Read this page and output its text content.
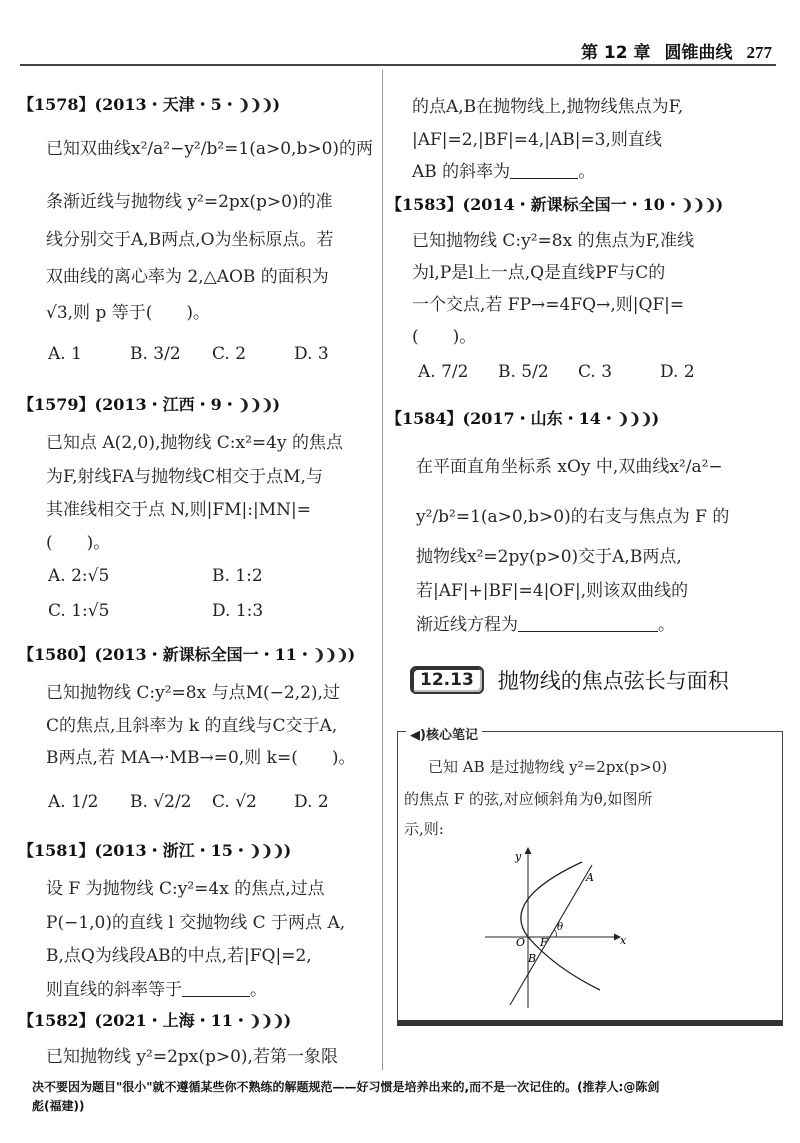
第 12 章 圆锥曲线 277
【1578】(2013・天津・5・❩❩❩)
已知双曲线x²/a²−y²/b²=1(a>0,b>0)的两
条渐近线与抛物线 y²=2px(p>0)的准
线分别交于A,B两点,O为坐标原点。若
双曲线的离心率为 2,△AOB 的面积为
√3,则 p 等于(　　)。
A. 1	B. 3/2 C. 2	D. 3
【1579】(2013・江西・9・❩❩❩)
已知点 A(2,0),抛物线 C:x²=4y 的焦点
为F,射线FA与抛物线C相交于点M,与
其准线相交于点 N,则|FM|:|MN|=
(　　)。
A. 2:√5	B. 1:2
C. 1:√5	D. 1:3
【1580】(2013・新课标全国一・11・❩❩❩)
已知抛物线 C:y²=8x 与点M(−2,2),过
C的焦点,且斜率为 k 的直线与C交于A,
B两点,若 MA→·MB→=0,则 k=(　　)。
A. 1/2 B. √2/2 C. √2 D. 2
【1581】(2013・浙江・15・❩❩❩)
设 F 为抛物线 C:y²=4x 的焦点,过点
P(−1,0)的直线 l 交抛物线 C 于两点 A,
B,点Q为线段AB的中点,若|FQ|=2,
则直线的斜率等于	。
【1582】(2021・上海・11・❩❩❩)
已知抛物线 y²=2px(p>0),若第一象限
的点A,B在抛物线上,抛物线焦点为F,
|AF|=2,|BF|=4,|AB|=3,则直线
AB 的斜率为	。
【1583】(2014・新课标全国一・10・❩❩❩)
已知抛物线 C:y²=8x 的焦点为F,准线
为l,P是l上一点,Q是直线PF与C的
一个交点,若 FP→=4FQ→,则|QF|=
(　　)。
A. 7/2 B. 5/2 C. 3	D. 2
【1584】(2017・山东・14・❩❩❩)
在平面直角坐标系 xOy 中,双曲线x²/a²−
y²/b²=1(a>0,b>0)的右支与焦点为 F 的
抛物线x²=2py(p>0)交于A,B两点,
若|AF|+|BF|=4|OF|,则该双曲线的
渐近线方程为	。
12.13	抛物线的焦点弦长与面积
◀)核心笔记
已知 AB 是过抛物线 y²=2px(p>0)
的焦点 F 的弦,对应倾斜角为θ,如图所
示,则:
y
x
A
B
O F
θ
决不要因为题目"很小"就不遵循某些你不熟练的解题规范——好习惯是培养出来的,而不是一次记住的。(推荐人:@陈剑
彪(福建))
